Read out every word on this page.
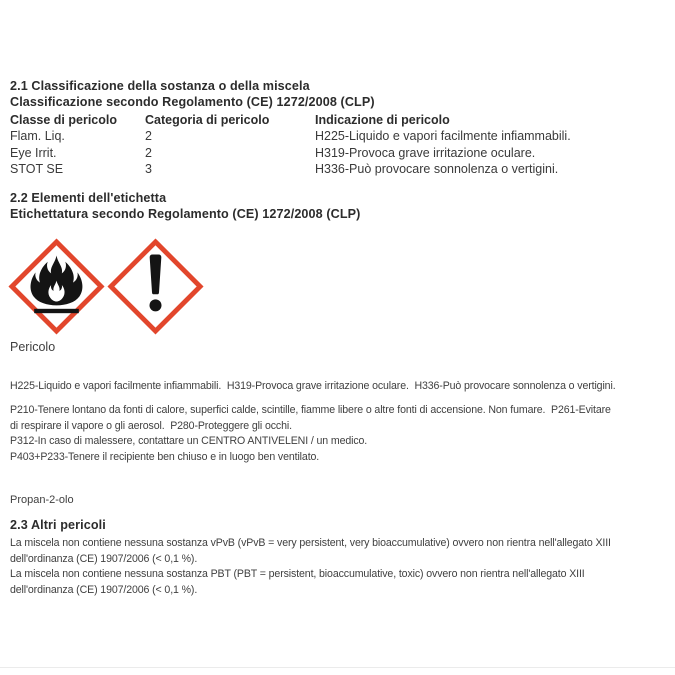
2.1 Classificazione della sostanza o della miscela
Classificazione secondo Regolamento (CE) 1272/2008 (CLP)
Classe di pericolo	Categoria di pericolo	Indicazione di pericolo
Flam. Liq.	2	H225-Liquido e vapori facilmente infiammabili.
Eye Irrit.	2	H319-Provoca grave irritazione oculare.
STOT SE	3	H336-Può provocare sonnolenza o vertigini.
2.2 Elementi dell'etichetta
Etichettatura secondo Regolamento (CE) 1272/2008 (CLP)
Pericolo
H225-Liquido e vapori facilmente infiammabili.  H319-Provoca grave irritazione oculare.  H336-Può provocare sonnolenza o vertigini.
P210-Tenere lontano da fonti di calore, superfici calde, scintille, fiamme libere o altre fonti di accensione. Non fumare.  P261-Evitare
di respirare il vapore o gli aerosol.  P280-Proteggere gli occhi.
P312-In caso di malessere, contattare un CENTRO ANTIVELENI / un medico.
P403+P233-Tenere il recipiente ben chiuso e in luogo ben ventilato.
Propan-2-olo
2.3 Altri pericoli
La miscela non contiene nessuna sostanza vPvB (vPvB = very persistent, very bioaccumulative) ovvero non rientra nell'allegato XIII
dell'ordinanza (CE) 1907/2006 (< 0,1 %).
La miscela non contiene nessuna sostanza PBT (PBT = persistent, bioaccumulative, toxic) ovvero non rientra nell'allegato XIII
dell'ordinanza (CE) 1907/2006 (< 0,1 %).
